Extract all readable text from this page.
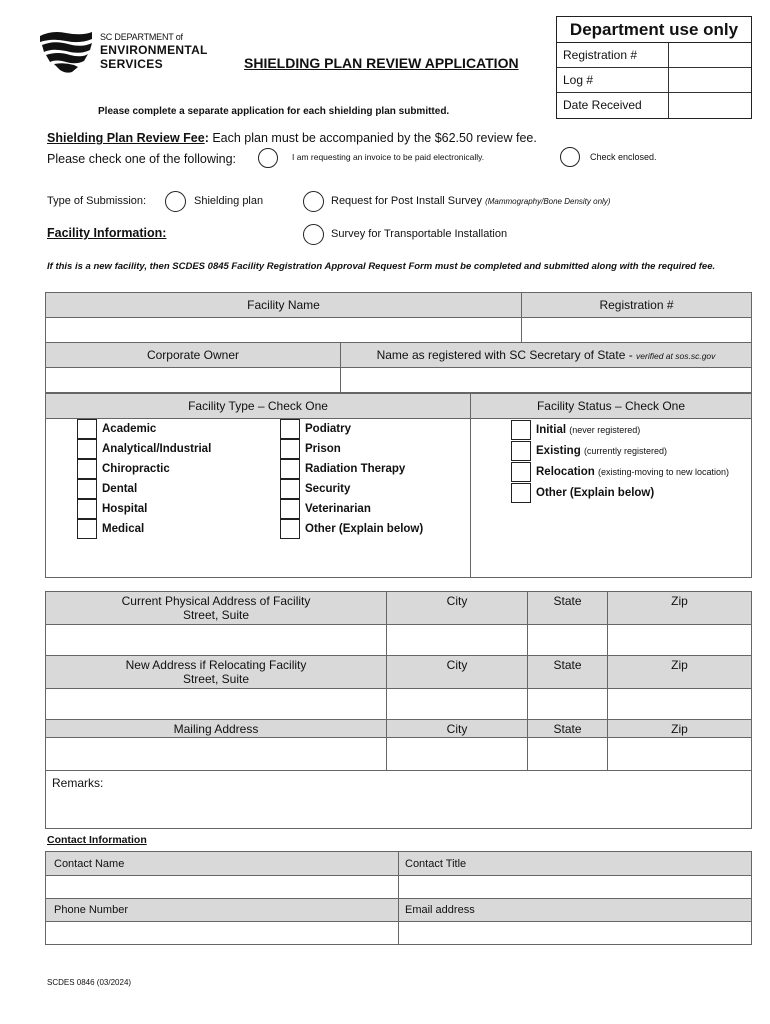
SC DEPARTMENT of
ENVIRONMENTAL
SERVICES	SHIELDING PLAN REVIEW APPLICATION
Department use only
Registration #
Log #
Date Received
Please complete a separate application for each shielding plan submitted.
Shielding Plan Review Fee: Each plan must be accompanied by the $62.50 review fee.
Please check one of the following:	I am requesting an invoice to be paid electronically.	Check enclosed.
Type of Submission:	Shielding plan	Request for Post Install Survey (Mammography/Bone Density only)
Facility Information:	Survey for Transportable Installation
If this is a new facility, then SCDES 0845 Facility Registration Approval Request Form must be completed and submitted along with the required fee.
Facility Name	Registration #

Corporate Owner	Name as registered with SC Secretary of State - verified at sos.sc.gov

Facility Type – Check One	Facility Status – Check One

Academic
Analytical/Industrial
Chiropractic
Dental
Hospital
Medical
Podiatry
Prison
Radiation Therapy
Security
Veterinarian
Other (Explain below)
Initial
(never registered)
Existing
(currently registered)
Relocation
(existing-moving to new location)
Other (Explain below)
Current Physical Address of Facility
Street, Suite	City	State	Zip

New Address if Relocating Facility
Street, Suite	City	State	Zip

Mailing Address	City	State	Zip

Remarks:			
Contact Information
Contact Name	Contact Title

Phone Number	Email address

SCDES 0846 (03/2024)
